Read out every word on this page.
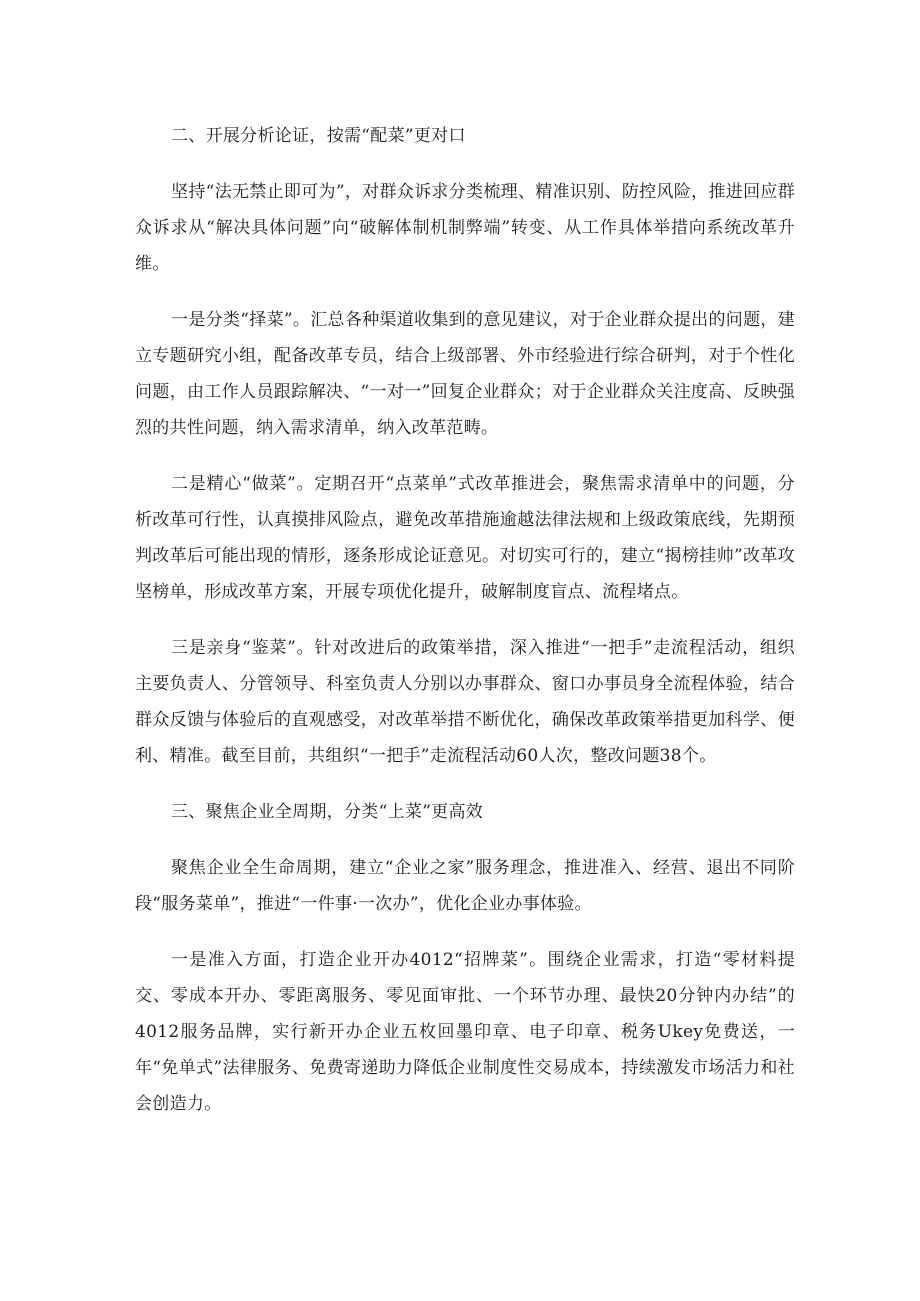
二、开展分析论证，按需“配菜”更对口

坚持“法无禁止即可为”，对群众诉求分类梳理、精准识别、防控风险，推进回应群众诉求从“解决具体问题”向“破解体制机制弊端”转变、从工作具体举措向系统改革升维。

一是分类“择菜”。汇总各种渠道收集到的意见建议，对于企业群众提出的问题，建立专题研究小组，配备改革专员，结合上级部署、外市经验进行综合研判，对于个性化问题，由工作人员跟踪解决、“一对一”回复企业群众；对于企业群众关注度高、反映强烈的共性问题，纳入需求清单，纳入改革范畴。

二是精心“做菜”。定期召开“点菜单”式改革推进会，聚焦需求清单中的问题，分析改革可行性，认真摸排风险点，避免改革措施逾越法律法规和上级政策底线，先期预判改革后可能出现的情形，逐条形成论证意见。对切实可行的，建立“揭榜挂帅”改革攻坚榜单，形成改革方案，开展专项优化提升，破解制度盲点、流程堵点。

三是亲身“鉴菜”。针对改进后的政策举措，深入推进“一把手”走流程活动，组织主要负责人、分管领导、科室负责人分别以办事群众、窗口办事员身全流程体验，结合群众反馈与体验后的直观感受，对改革举措不断优化，确保改革政策举措更加科学、便利、精准。截至目前，共组织“一把手”走流程活动60人次，整改问题38个。

三、聚焦企业全周期，分类“上菜”更高效

聚焦企业全生命周期，建立“企业之家”服务理念，推进准入、经营、退出不同阶段“服务菜单”，推进“一件事·一次办”，优化企业办事体验。

一是准入方面，打造企业开办4012“招牌菜”。围绕企业需求，打造“零材料提交、零成本开办、零距离服务、零见面审批、一个环节办理、最快20分钟内办结”的4012服务品牌，实行新开办企业五枚回墨印章、电子印章、税务Ukey免费送，一年“免单式”法律服务、免费寄递助力降低企业制度性交易成本，持续激发市场活力和社会创造力。
